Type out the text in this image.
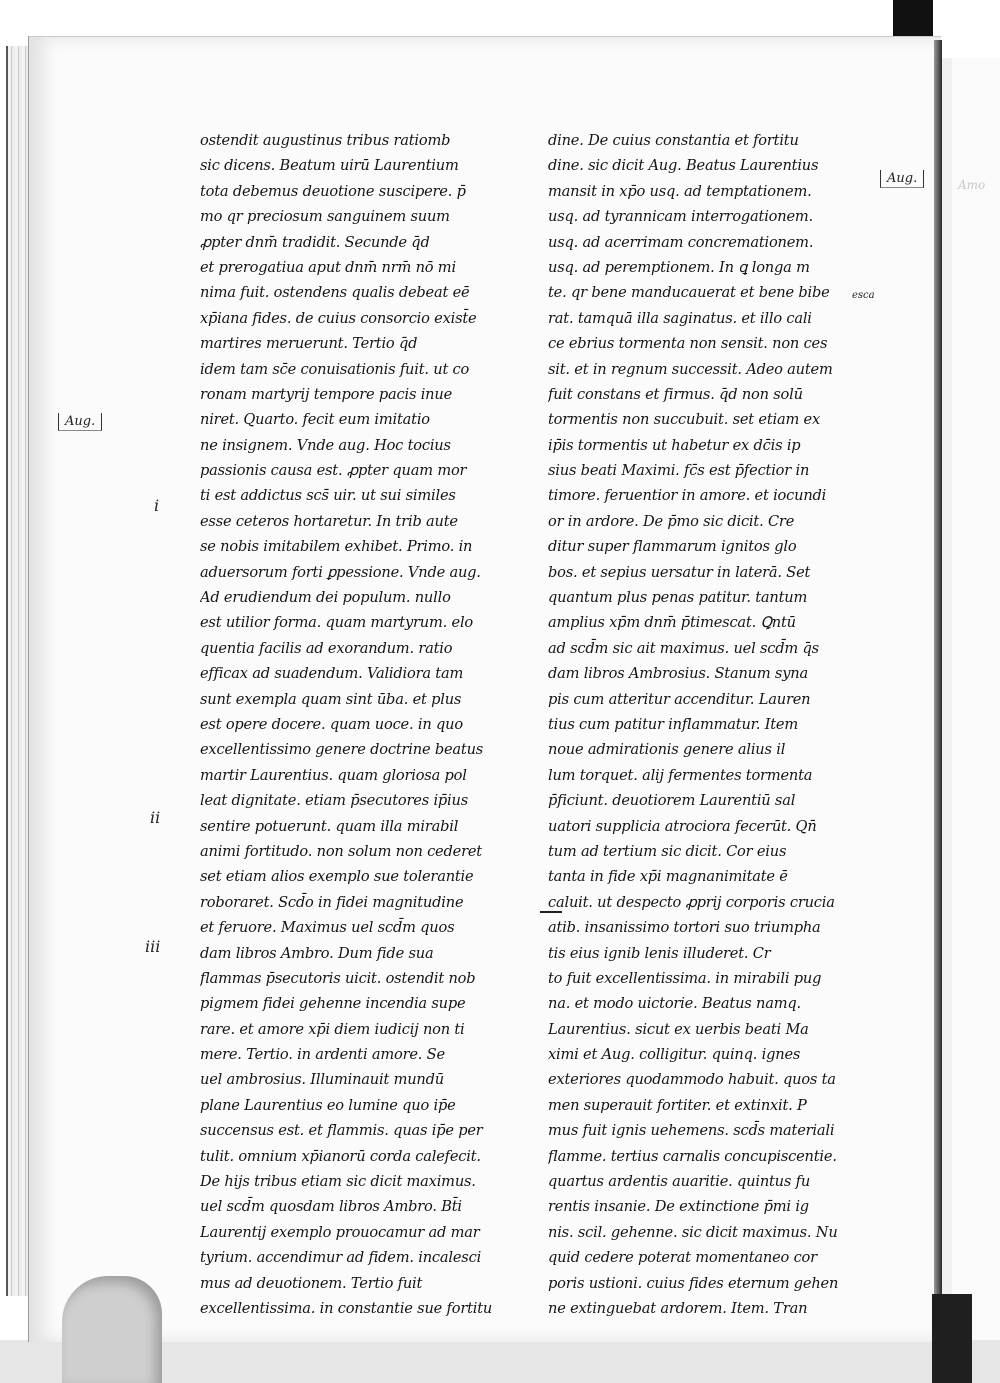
ostendit augustinus tribus ratiomb
sic dicens. Beatum uirū Laurentium
tota debemus deuotione suscipere. p̄
mo qr preciosum sanguinem suum
ꝓpter dnm̄ tradidit. Secunde q̄d
et prerogatiua aput dnm̄ nrm̄ nō mi
nima fuit. ostendens qualis debeat eē
xp̄iana fides. de cuius consorcio exist̄e
martires meruerunt. Tertio q̄d
idem tam sc̄e conuisationis fuit. ut co
ronam martyrij tempore pacis inue
niret. Quarto. fecit eum imitatio
ne insignem. Vnde aug. Hoc tocius
passionis causa est. ꝓpter quam mor
ti est addictus scs̄ uir. ut sui similes
esse ceteros hortaretur. In trib aute
se nobis imitabilem exhibet. Primo. in
aduersorum forti ꝑpessione. Vnde aug.
Ad erudiendum dei populum. nullo
est utilior forma. quam martyrum. elo
quentia facilis ad exorandum. ratio
efficax ad suadendum. Validiora tam
sunt exempla quam sint ūba. et plus
est opere docere. quam uoce. in quo
excellentissimo genere doctrine beatus
martir Laurentius. quam gloriosa pol
leat dignitate. etiam p̄secutores ip̄ius
sentire potuerunt. quam illa mirabil
animi fortitudo. non solum non cederet
set etiam alios exemplo sue tolerantie
roboraret. Scd̄o in fidei magnitudine
et feruore. Maximus uel scd̄m quos
dam libros Ambro. Dum fide sua
flammas p̄secutoris uicit. ostendit nob
pigmem fidei gehenne incendia supe
rare. et amore xp̄i diem iudicij non ti
mere. Tertio. in ardenti amore. Se
uel ambrosius. Illuminauit mundū
plane Laurentius eo lumine quo ip̄e
succensus est. et flammis. quas ip̄e per
tulit. omnium xp̄ianorū corda calefecit.
De hijs tribus etiam sic dicit maximus.
uel scd̄m quosdam libros Ambro. Bt̄i
Laurentij exemplo prouocamur ad mar
tyrium. accendimur ad fidem. incalesci
mus ad deuotionem. Tertio fuit
excellentissima. in constantie sue fortitu
dine. De cuius constantia et fortitu
dine. sic dicit Aug. Beatus Laurentius
mansit in xp̄o usq. ad temptationem.
usq. ad tyrannicam interrogationem.
usq. ad acerrimam concremationem.
usq. ad peremptionem. In ꝗ longa m
te. qr bene manducauerat et bene bibe
rat. tamquā illa saginatus. et illo cali
ce ebrius tormenta non sensit. non ces
sit. et in regnum successit. Adeo autem
fuit constans et firmus. q̄d non solū
tormentis non succubuit. set etiam ex
ip̄is tormentis ut habetur ex dc̄is ip
sius beati Maximi. fc̄s est p̄fectior in
timore. feruentior in amore. et iocundi
or in ardore. De p̄mo sic dicit. Cre
ditur super flammarum ignitos glo
bos. et sepius uersatur in laterā. Set
quantum plus penas patitur. tantum
amplius xp̄m dnm̄ p̄timescat. Ꝗntū
ad scd̄m sic ait maximus. uel scd̄m q̄s
dam libros Ambrosius. Stanum syna
pis cum atteritur accenditur. Lauren
tius cum patitur inflammatur. Item
noue admirationis genere alius il
lum torquet. alij fermentes tormenta
p̄ficiunt. deuotiorem Laurentiū sal
uatori supplicia atrociora fecerūt. Qn̄
tum ad tertium sic dicit. Cor eius
tanta in fide xp̄i magnanimitate ē
caluit. ut despecto ꝓprij corporis crucia
atib. insanissimo tortori suo triumpha
tis eius ignib lenis illuderet. Cr
to fuit excellentissima. in mirabili pug
na. et modo uictorie. Beatus namq.
Laurentius. sicut ex uerbis beati Ma
ximi et Aug. colligitur. quinq. ignes
exteriores quodammodo habuit. quos ta
men superauit fortiter. et extinxit. P
mus fuit ignis uehemens. scd̄s materiali
flamme. tertius carnalis concupiscentie.
quartus ardentis auaritie. quintus fu
rentis insanie. De extinctione p̄mi ig
nis. scil. gehenne. sic dicit maximus. Nu
quid cedere poterat momentaneo cor
poris ustioni. cuius fides eternum gehen
ne extinguebat ardorem. Item. Tran
Aug.
Aug.
esca
Amo
i
ii
iii
